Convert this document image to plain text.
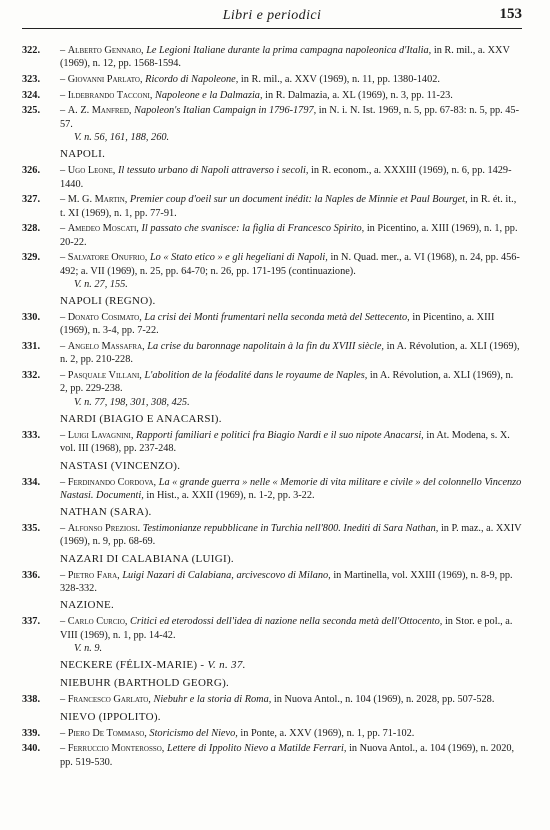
Libri e periodici	153
322. – Alberto Gennaro, Le Legioni Italiane durante la prima campagna napoleonica d'Italia, in R. mil., a. XXV (1969), n. 12, pp. 1568-1594.
323. – Giovanni Parlato, Ricordo di Napoleone, in R. mil., a. XXV (1969), n. 11, pp. 1380-1402.
324. – Ildebrando Tacconi, Napoleone e la Dalmazia, in R. Dalmazia, a. XL (1969), n. 3, pp. 11-23.
325. – A. Z. Manfred, Napoleon's Italian Campaign in 1796-1797, in N. i. N. Ist. 1969, n. 5, pp. 67-83: n. 5, pp. 45-57.
V. n. 56, 161, 188, 260.
NAPOLI.
326. – Ugo Leone, Il tessuto urbano di Napoli attraverso i secoli, in R. econom., a. XXXIII (1969), n. 6, pp. 1429-1440.
327. – M. G. Martin, Premier coup d'oeil sur un document inédit: la Naples de Minnie et Paul Bourget, in R. ét. it., t. XI (1969), n. 1, pp. 77-91.
328. – Amedeo Moscati, Il passato che svanisce: la figlia di Francesco Spirito, in Picentino, a. XIII (1969), n. 1, pp. 20-22.
329. – Salvatore Onufrio, Lo « Stato etico » e gli hegeliani di Napoli, in N. Quad. mer., a. VI (1968), n. 24, pp. 456-492; a. VII (1969), n. 25, pp. 64-70; n. 26, pp. 171-195 (continuazione).
V. n. 27, 155.
NAPOLI (REGNO).
330. – Donato Cosimato, La crisi dei Monti frumentari nella seconda metà del Settecento, in Picentino, a. XIII (1969), n. 3-4, pp. 7-22.
331. – Angelo Massafra, La crise du baronnage napolitain à la fin du XVIII siècle, in A. Révolution, a. XLI (1969), n. 2, pp. 210-228.
332. – Pasquale Villani, L'abolition de la féodalité dans le royaume de Naples, in A. Révolution, a. XLI (1969), n. 2, pp. 229-238.
V. n. 77, 198, 301, 308, 425.
NARDI (BIAGIO E ANACARSI).
333. – Luigi Lavagnini, Rapporti familiari e politici fra Biagio Nardi e il suo nipote Anacarsi, in At. Modena, s. X. vol. III (1968), pp. 237-248.
NASTASI (VINCENZO).
334. – Ferdinando Cordova, La « grande guerra » nelle « Memorie di vita militare e civile » del colonnello Vincenzo Nastasi. Documenti, in Hist., a. XXII (1969), n. 1-2, pp. 3-22.
NATHAN (SARA).
335. – Alfonso Preziosi. Testimonianze repubblicane in Turchia nell'800. Inediti di Sara Nathan, in P. maz., a. XXIV (1969), n. 9, pp. 68-69.
NAZARI DI CALABIANA (LUIGI).
336. – Pietro Fara, Luigi Nazari di Calabiana, arcivescovo di Milano, in Martinella, vol. XXIII (1969), n. 8-9, pp. 328-332.
NAZIONE.
337. – Carlo Curcio, Critici ed eterodossi dell'idea di nazione nella seconda metà dell'Ottocento, in Stor. e pol., a. VIII (1969), n. 1, pp. 14-42.
V. n. 9.
NECKERE (FÉLIX-MARIE) - V. n. 37.
NIEBUHR (BARTHOLD GEORG).
338. – Francesco Garlato, Niebuhr e la storia di Roma, in Nuova Antol., n. 104 (1969), n. 2028, pp. 507-528.
NIEVO (IPPOLITO).
339. – Piero De Tommaso, Storicismo del Nievo, in Ponte, a. XXV (1969), n. 1, pp. 71-102.
340. – Ferruccio Monterosso, Lettere di Ippolito Nievo a Matilde Ferrari, in Nuova Antol., a. 104 (1969), n. 2020, pp. 519-530.
